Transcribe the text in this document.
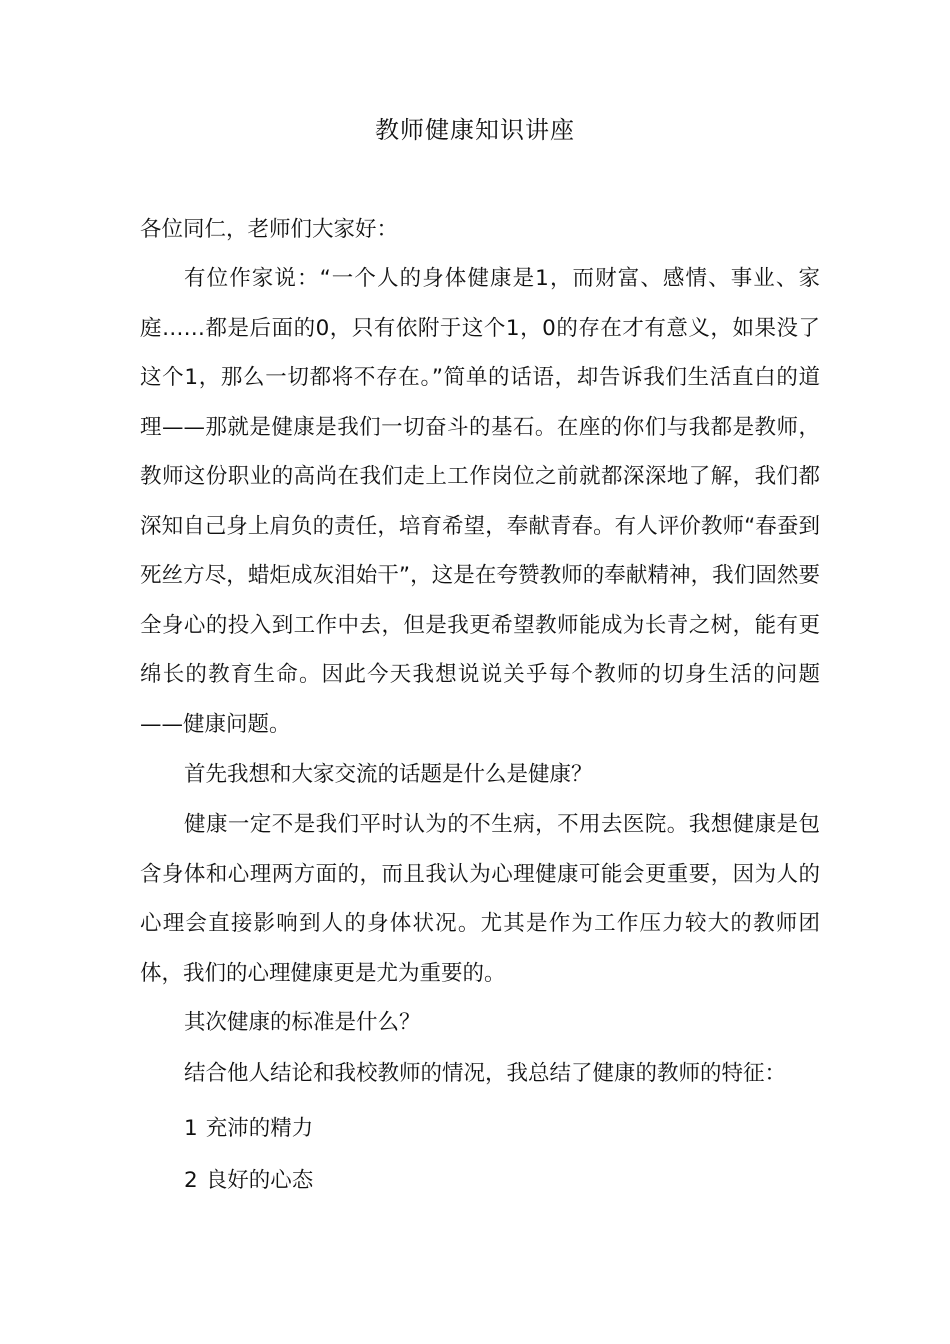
教师健康知识讲座
各位同仁，老师们大家好：
有位作家说：“一个人的身体健康是1，而财富、感情、事业、家庭……都是后面的0，只有依附于这个1，0的存在才有意义，如果没了这个1，那么一切都将不存在。”简单的话语，却告诉我们生活直白的道理——那就是健康是我们一切奋斗的基石。在座的你们与我都是教师，教师这份职业的高尚在我们走上工作岗位之前就都深深地了解，我们都深知自己身上肩负的责任，培育希望，奉献青春。有人评价教师“春蚕到死丝方尽，蜡炬成灰泪始干”，这是在夸赞教师的奉献精神，我们固然要全身心的投入到工作中去，但是我更希望教师能成为长青之树，能有更绵长的教育生命。因此今天我想说说关乎每个教师的切身生活的问题——健康问题。
首先我想和大家交流的话题是什么是健康？
健康一定不是我们平时认为的不生病，不用去医院。我想健康是包含身体和心理两方面的，而且我认为心理健康可能会更重要，因为人的心理会直接影响到人的身体状况。尤其是作为工作压力较大的教师团体，我们的心理健康更是尤为重要的。
其次健康的标准是什么？
结合他人结论和我校教师的情况，我总结了健康的教师的特征：
1 充沛的精力
2 良好的心态
